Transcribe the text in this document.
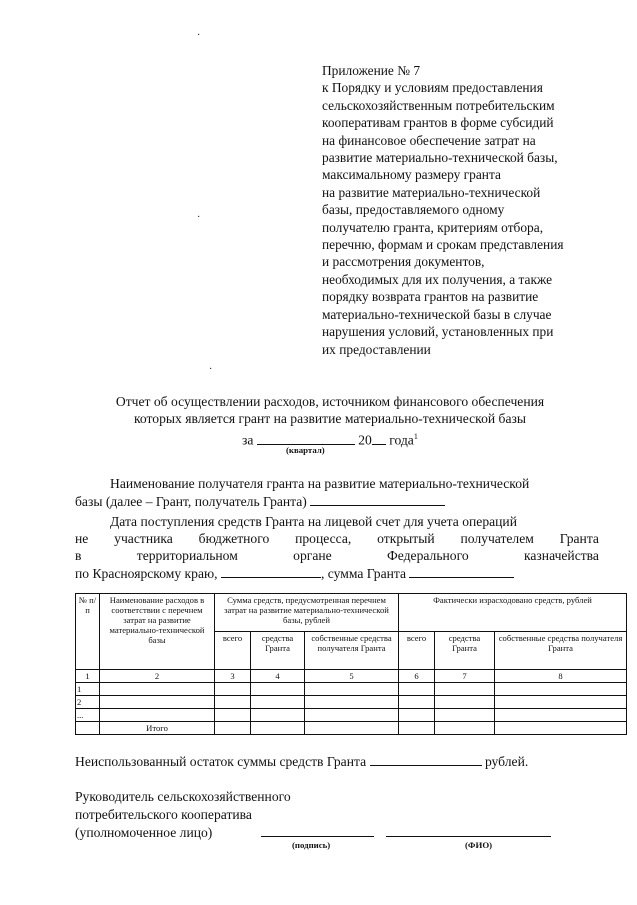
·
·
·
Приложение № 7
к Порядку и условиям предоставления
сельскохозяйственным потребительским
кооперативам грантов в форме субсидий
на финансовое обеспечение затрат на
развитие материально-технической базы,
максимальному размеру гранта
на развитие материально-технической
базы, предоставляемого одному
получателю гранта, критериям отбора,
перечню, формам и срокам представления
и рассмотрения документов,
необходимых для их получения, а также
порядку возврата грантов на развитие
материально-технической базы в случае
нарушения условий, установленных при
их предоставлении
Отчет об осуществлении расходов, источником финансового обеспечения
которых является грант на развитие материально-технической базы
за	20 года$^1$
(квартал)
Наименование получателя гранта на развитие материально-технической
базы (далее – Грант, получатель Гранта)
Дата поступления средств Гранта на лицевой счет для учета операций
не участника бюджетного процесса, открытый получателем Гранта
в	территориальном	органе	Федерального	казначейства
по Красноярскому краю,	, сумма Гранта
№ п/п	Наименование расходов в соответствии с перечнем затрат на развитие материально-технической базы	Сумма средств, предусмотренная перечнем затрат на развитие материально-технической базы, рублей			Фактически израсходовано средств, рублей		
		всего	средства Гранта	собственные средства получателя Гранта	всего	средства Гранта	собственные средства получателя Гранта
1	2	3	4	5	6	7	8
1							
2							
...							
	Итого						
Неиспользованный остаток суммы средств Гранта	рублей.
Руководитель сельскохозяйственного
потребительского кооператива
(уполномоченное лицо)
(подпись)	(ФИО)
